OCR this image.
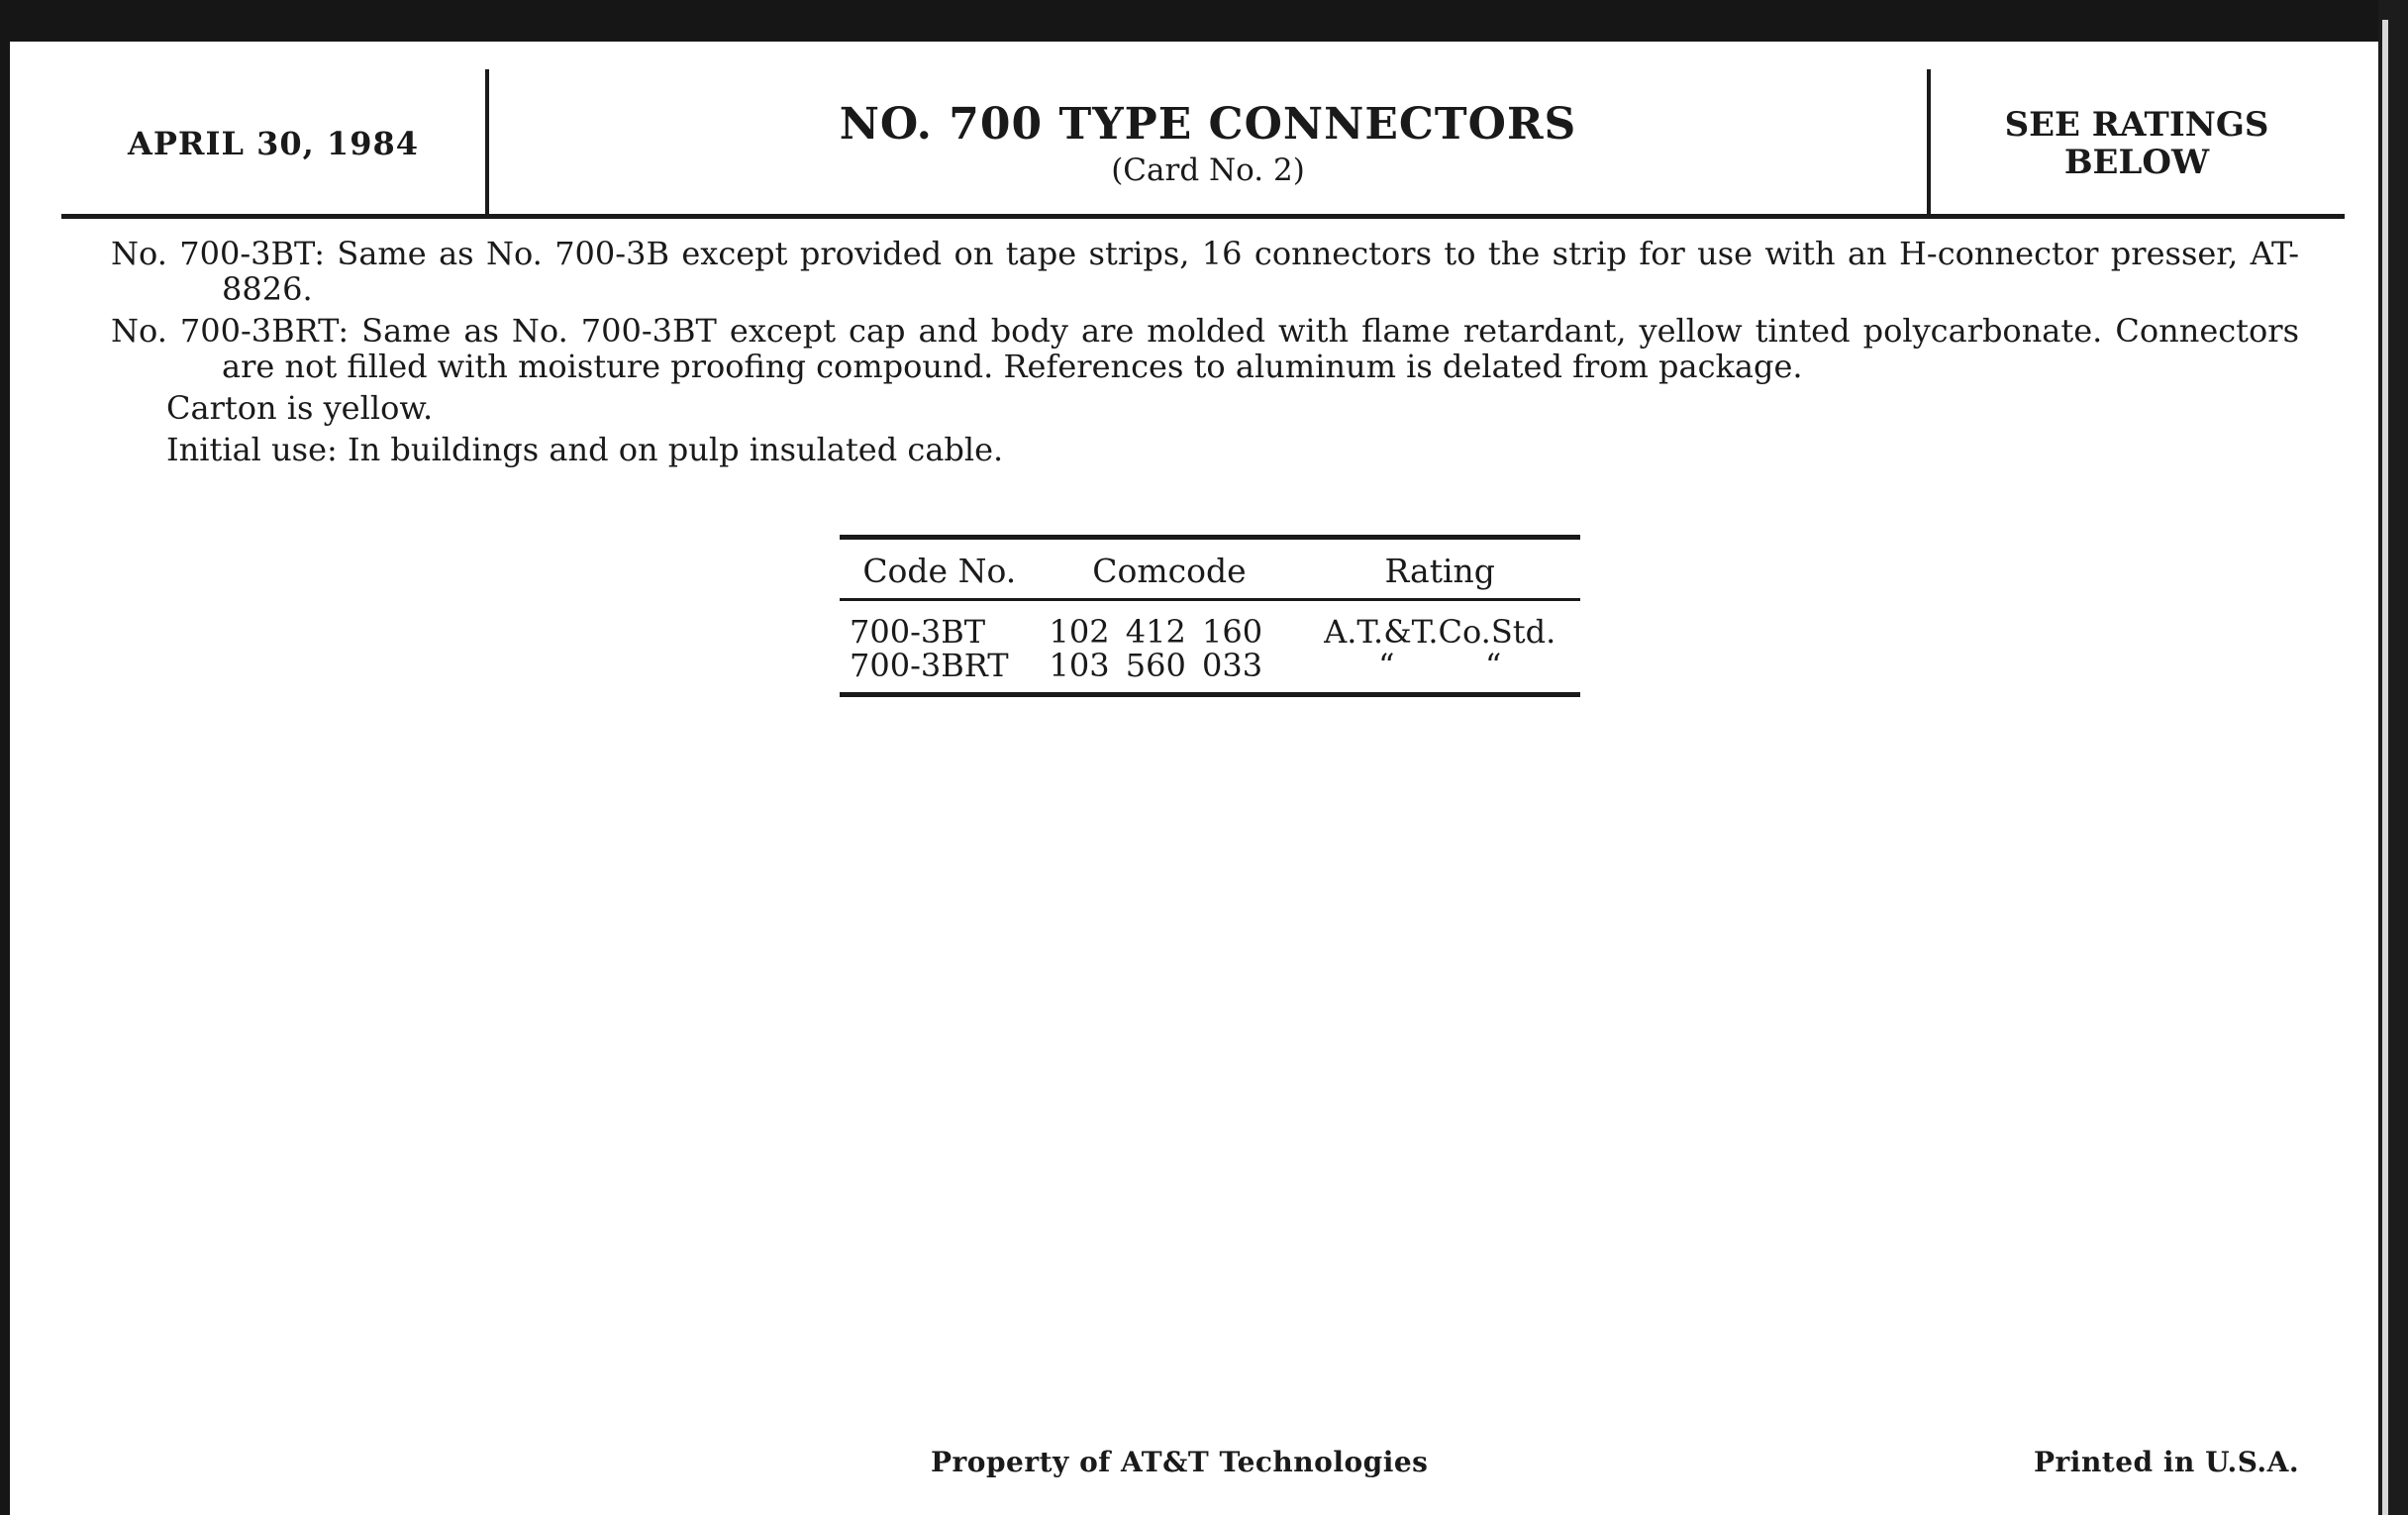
APRIL 30, 1984	NO. 700 TYPE CONNECTORS
(Card No. 2)
SEE RATINGS
BELOW

No. 700-3BT: Same as No. 700-3B except provided on tape strips, 16 connectors to the strip for use with an H-connector presser, AT-8826.

No. 700-3BRT: Same as No. 700-3BT except cap and body are molded with flame retardant, yellow tinted polycarbonate. Connectors are not filled with moisture proofing compound. References to aluminum is delated from package.

Carton is yellow.

Initial use: In buildings and on pulp insulated cable.

Code No.	Comcode	Rating
700-3BT	102 412 160	A.T.&T.Co.Std.
700-3BRT	103 560 033	“         “
Property of AT&T Technologies	Printed in U.S.A.
